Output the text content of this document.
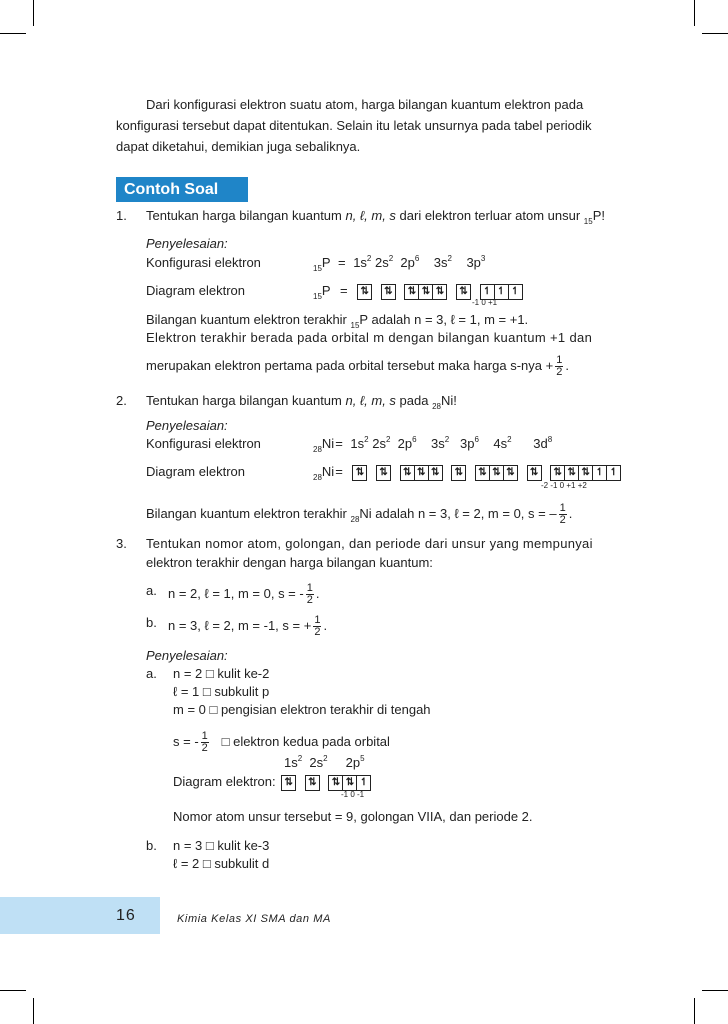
Dari konfigurasi elektron suatu atom, harga bilangan kuantum elektron pada
konfigurasi tersebut dapat ditentukan. Selain itu letak unsurnya pada tabel periodik
dapat diketahui, demikian juga sebaliknya.
Contoh Soal
1. Tentukan harga bilangan kuantum n, ℓ, m, s dari elektron terluar atom unsur $_{15}$P!
Penyelesaian:
Konfigurasi elektron	$_{15}P = 1s^2$ $2s^2$ $2p^6$ $3s^2$ $3p^3$
Diagram elektron	$_{15}$P = ⇅ ⇅ ⇅ ⇅ ⇅ ⇅ ↿ ↿ ↿
-1 0 +1
Bilangan kuantum elektron terakhir $_{15}$P adalah n = 3, ℓ = 1, m = +1.
Elektron terakhir berada pada orbital m dengan bilangan kuantum +1 dan
merupakan elektron pertama pada orbital tersebut maka harga $s-nya + \frac{1}{2}$ .
2. Tentukan harga bilangan kuantum n, ℓ, m, s pada $_{28}$Ni!
Penyelesaian:
Konfigurasi elektron	$_{28}Ni= 1s^2$ $2s^2$ $2p^6$ $3s^2$ $3p^6$ $4s^2$ $3d^8$
Diagram elektron	$_{28}$Ni= ⇅ ⇅ ⇅ ⇅ ⇅ ⇅ ⇅ ⇅ ⇅ ⇅ ⇅ ⇅ ⇅ ↿ ↿
-2 -1 0 +1 +2
Bilangan kuantum elektron terakhir $_{28}$Ni adalah n = 3, ℓ = 2, m = 0, s = – $\frac{1}{2}$ .
3. Tentukan nomor atom, golongan, dan periode dari unsur yang mempunyai
elektron terakhir dengan harga bilangan kuantum:
a. n = 2, ℓ = 1, m = 0, s = - $\frac{1}{2}$ .
b. n = 3, ℓ = 2, m = -1, s = + $\frac{1}{2}$ .
Penyelesaian:
a. n = 2 □ kulit ke-2
ℓ = 1 □ subkulit p
m = 0 □ pengisian elektron terakhir di tengah
s = - $\frac{1}{2}$ □ elektron kedua pada orbital
$1s^2$ $2s^2$ $2p^5$
Diagram elektron: ⇅ ⇅ ⇅ ⇅ ↿
-1 0 -1
Nomor atom unsur tersebut = 9, golongan VIIA, dan periode 2.
b. n = 3 □ kulit ke-3
ℓ = 2 □ subkulit d
16	Kimia Kelas XI SMA dan MA
